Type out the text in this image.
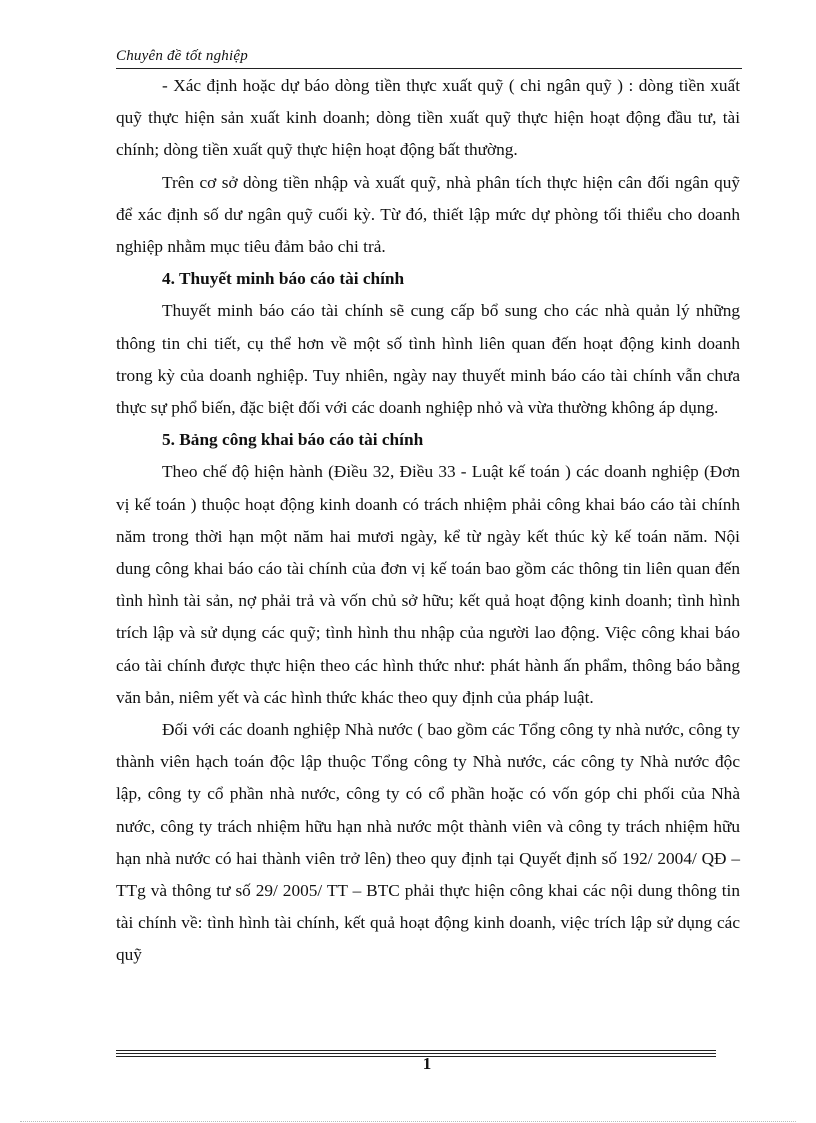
Chuyên đề tốt nghiệp

- Xác định hoặc dự báo dòng tiền thực xuất quỹ ( chi ngân quỹ ) : dòng tiền xuất quỹ thực hiện sản xuất kinh doanh; dòng tiền xuất quỹ thực hiện hoạt động đầu tư, tài chính; dòng tiền xuất quỹ thực hiện hoạt động bất thường.

Trên cơ sở dòng tiền nhập và xuất quỹ, nhà phân tích thực hiện cân đối ngân quỹ để xác định số dư ngân quỹ cuối kỳ. Từ đó, thiết lập mức dự phòng tối thiểu cho doanh nghiệp nhằm mục tiêu đảm bảo chi trả.

4. Thuyết minh báo cáo tài chính

Thuyết minh báo cáo tài chính sẽ cung cấp bổ sung cho các nhà quản lý những thông tin chi tiết, cụ thể hơn về một số tình hình liên quan đến hoạt động kinh doanh trong kỳ của doanh nghiệp. Tuy nhiên, ngày nay thuyết minh báo cáo tài chính vẫn chưa thực sự phổ biến, đặc biệt đối với các doanh nghiệp nhỏ và vừa thường không áp dụng.

5. Bảng công khai báo cáo tài chính

Theo chế độ hiện hành (Điều 32, Điều 33 - Luật kế toán ) các doanh nghiệp (Đơn vị kế toán ) thuộc hoạt động kinh doanh có trách nhiệm phải công khai báo cáo tài chính năm trong thời hạn một năm hai mươi ngày, kể từ ngày kết thúc kỳ kế toán năm. Nội dung công khai báo cáo tài chính của đơn vị kế toán bao gồm các thông tin liên quan đến tình hình tài sản, nợ phải trả và vốn chủ sở hữu; kết quả hoạt động kinh doanh; tình hình trích lập và sử dụng các quỹ; tình hình thu nhập của người lao động. Việc công khai báo cáo tài chính được thực hiện theo các hình thức như: phát hành ấn phẩm, thông báo bằng văn bản, niêm yết và các hình thức khác theo quy định của pháp luật.

Đối với các doanh nghiệp Nhà nước ( bao gồm các Tổng công ty nhà nước, công ty thành viên hạch toán độc lập thuộc Tổng công ty Nhà nước, các công ty Nhà nước độc lập, công ty cổ phần nhà nước, công ty có cổ phần hoặc có vốn góp chi phối của Nhà nước, công ty trách nhiệm hữu hạn nhà nước một thành viên và công ty trách nhiệm hữu hạn nhà nước có hai thành viên trở lên) theo quy định tại Quyết định số 192/ 2004/ QĐ – TTg và thông tư số 29/ 2005/ TT – BTC phải thực hiện công khai các nội dung thông tin tài chính về: tình hình tài chính, kết quả hoạt động kinh doanh, việc trích lập sử dụng các quỹ

1
